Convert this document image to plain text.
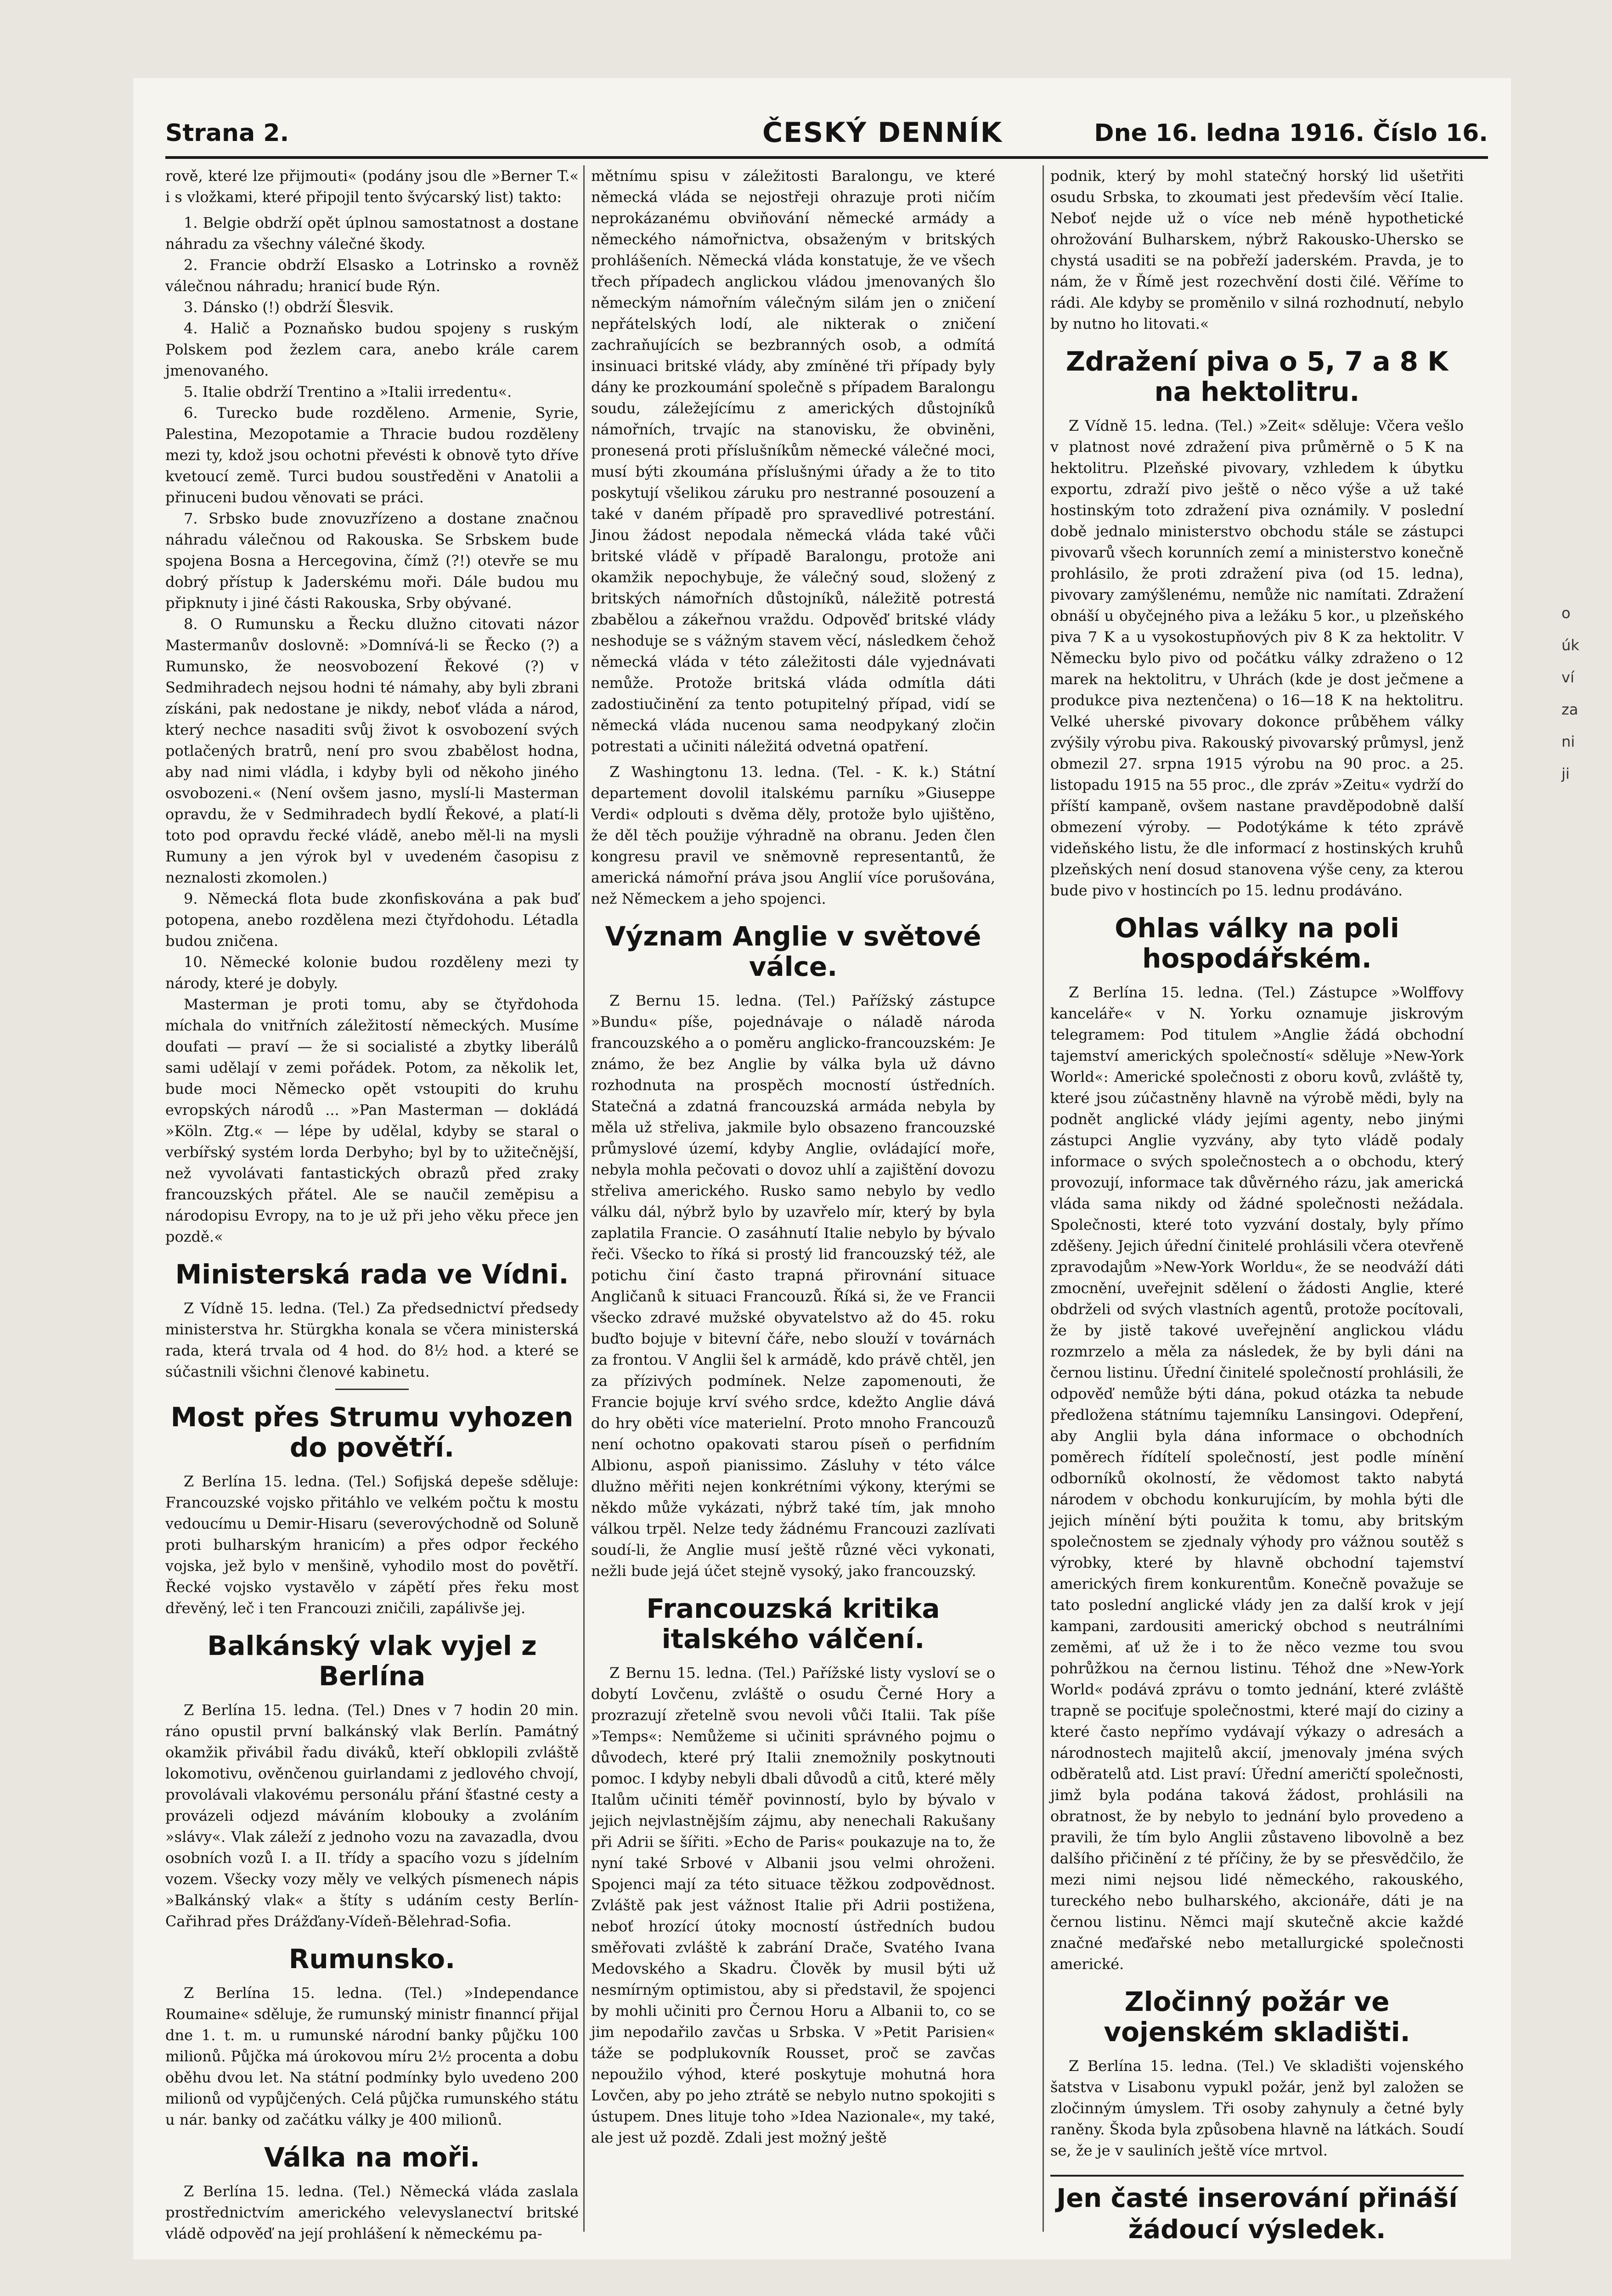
Strana 2.	ČESKÝ DENNÍK	Dne 16. ledna 1916. Číslo 16.

rově, které lze přijmouti« (podány jsou dle »Berner T.« i s vložkami, které připojil tento švýcarský list) takto:

1. Belgie obdrží opět úplnou samostatnost a dostane náhradu za všechny válečné škody.

2. Francie obdrží Elsasko a Lotrinsko a rovněž válečnou náhradu; hranicí bude Rýn.

3. Dánsko (!) obdrží Šlesvik.

4. Halič a Poznaňsko budou spojeny s ruským Polskem pod žezlem cara, anebo krále carem jmenovaného.

5. Italie obdrží Trentino a »Italii irredentu«.

6. Turecko bude rozděleno. Armenie, Syrie, Palestina, Mezopotamie a Thracie budou rozděleny mezi ty, kdož jsou ochotni převésti k obnově tyto dříve kvetoucí země. Turci budou soustředěni v Anatolii a přinuceni budou věnovati se práci.

7. Srbsko bude znovuzřízeno a dostane značnou náhradu válečnou od Rakouska. Se Srbskem bude spojena Bosna a Hercegovina, čímž (?!) otevře se mu dobrý přístup k Jaderskému moři. Dále budou mu připknuty i jiné části Rakouska, Srby obývané.

8. O Rumunsku a Řecku dlužno citovati názor Mastermanův doslovně: »Domnívá-li se Řecko (?) a Rumunsko, že neosvobození Řekové (?) v Sedmihradech nejsou hodni té námahy, aby byli zbrani získáni, pak nedostane je nikdy, neboť vláda a národ, který nechce nasaditi svůj život k osvobození svých potlačených bratrů, není pro svou zbabělost hodna, aby nad nimi vládla, i kdyby byli od někoho jiného osvobozeni.« (Není ovšem jasno, myslí-li Masterman opravdu, že v Sedmihradech bydlí Řekové, a platí-li toto pod opravdu řecké vládě, anebo měl-li na mysli Rumuny a jen výrok byl v uvedeném časopisu z neznalosti zkomolen.)

9. Německá flota bude zkonfiskována a pak buď potopena, anebo rozdělena mezi čtyřdohodu. Létadla budou zničena.

10. Německé kolonie budou rozděleny mezi ty národy, které je dobyly.

Masterman je proti tomu, aby se čtyřdohoda míchala do vnitřních záležitostí německých. Musíme doufati — praví — že si socialisté a zbytky liberálů sami udělají v zemi pořádek. Potom, za několik let, bude moci Německo opět vstoupiti do kruhu evropských národů ... »Pan Masterman — dokládá »Köln. Ztg.« — lépe by udělal, kdyby se staral o verbířský systém lorda Derbyho; byl by to užitečnější, než vyvolávati fantastických obrazů před zraky francouzských přátel. Ale se naučil zeměpisu a národopisu Evropy, na to je už při jeho věku přece jen pozdě.«

Ministerská rada ve Vídni.

Z Vídně 15. ledna. (Tel.) Za předsednictví předsedy ministerstva hr. Stürgkha konala se včera ministerská rada, která trvala od 4 hod. do 8½ hod. a které se súčastnili všichni členové kabinetu.

Most přes Strumu vyhozen do povětří.

Z Berlína 15. ledna. (Tel.) Sofijská depeše sděluje: Francouzské vojsko přitáhlo ve velkém počtu k mostu vedoucímu u Demir-Hisaru (severovýchodně od Soluně proti bulharským hranicím) a přes odpor řeckého vojska, jež bylo v menšině, vyhodilo most do povětří. Řecké vojsko vystavělo v zápětí přes řeku most dřevěný, leč i ten Francouzi zničili, zapálivše jej.

Balkánský vlak vyjel z Berlína

Z Berlína 15. ledna. (Tel.) Dnes v 7 hodin 20 min. ráno opustil první balkánský vlak Berlín. Památný okamžik přivábil řadu diváků, kteří obklopili zvláště lokomotivu, ověnčenou guirlandami z jedlového chvojí, provolávali vlakovému personálu přání šťastné cesty a provázeli odjezd máváním klobouky a zvoláním »slávy«. Vlak záleží z jednoho vozu na zavazadla, dvou osobních vozů I. a II. třídy a spacího vozu s jídelním vozem. Všecky vozy měly ve velkých písmenech nápis »Balkánský vlak« a štíty s udáním cesty Berlín-Cařihrad přes Drážďany-Vídeň-Bělehrad-Sofia.

Rumunsko.

Z Berlína 15. ledna. (Tel.) »Independance Roumaine« sděluje, že rumunský ministr finanncí přijal dne 1. t. m. u rumunské národní banky půjčku 100 milionů. Půjčka má úrokovou míru 2½ procenta a dobu oběhu dvou let. Na státní podmínky bylo uvedeno 200 milionů od vypůjčených. Celá půjčka rumunského státu u nár. banky od začátku války je 400 milionů.

Válka na moři.

Z Berlína 15. ledna. (Tel.) Německá vláda zaslala prostřednictvím amerického velevyslanectví britské vládě odpověď na její prohlášení k německému pa-

mětnímu spisu v záležitosti Baralongu, ve které německá vláda se nejostřeji ohrazuje proti ničím neprokázanému obviňování německé armády a německého námořnictva, obsaženým v britských prohlášeních. Německá vláda konstatuje, že ve všech třech případech anglickou vládou jmenovaných šlo německým námořním válečným silám jen o zničení nepřátelských lodí, ale nikterak o zničení zachraňujících se bezbranných osob, a odmítá insinuaci britské vlády, aby zmíněné tři případy byly dány ke prozkoumání společně s případem Baralongu soudu, záležejícímu z amerických důstojníků námořních, trvajíc na stanovisku, že obviněni, pronesená proti příslušníkům německé válečné moci, musí býti zkoumána příslušnými úřady a že to tito poskytují všelikou záruku pro nestranné posouzení a také v daném případě pro spravedlivé potrestání. Jinou žádost nepodala německá vláda také vůči britské vládě v případě Baralongu, protože ani okamžik nepochybuje, že válečný soud, složený z britských námořních důstojníků, náležitě potrestá zbabělou a zákeřnou vraždu. Odpověď britské vlády neshoduje se s vážným stavem věcí, následkem čehož německá vláda v této záležitosti dále vyjednávati nemůže. Protože britská vláda odmítla dáti zadostiučinění za tento potupitelný případ, vidí se německá vláda nucenou sama neodpykaný zločin potrestati a učiniti náležitá odvetná opatření.

Z Washingtonu 13. ledna. (Tel. - K. k.) Státní departement dovolil italskému parníku »Giuseppe Verdi« odplouti s dvěma děly, protože bylo ujištěno, že děl těch použije výhradně na obranu. Jeden člen kongresu pravil ve sněmovně representantů, že americká námořní práva jsou Anglií více porušována, než Německem a jeho spojenci.

Význam Anglie v světové válce.

Z Bernu 15. ledna. (Tel.) Pařížský zástupce »Bundu« píše, pojednávaje o náladě národa francouzského a o poměru anglicko-francouzském: Je známo, že bez Anglie by válka byla už dávno rozhodnuta na prospěch mocností ústředních. Statečná a zdatná francouzská armáda nebyla by měla už střeliva, jakmile bylo obsazeno francouzské průmyslové území, kdyby Anglie, ovládající moře, nebyla mohla pečovati o dovoz uhlí a zajištění dovozu střeliva amerického. Rusko samo nebylo by vedlo válku dál, nýbrž bylo by uzavřelo mír, který by byla zaplatila Francie. O zasáhnutí Italie nebylo by bývalo řeči. Všecko to říká si prostý lid francouzský též, ale potichu činí často trapná přirovnání situace Angličanů k situaci Francouzů. Říká si, že ve Francii všecko zdravé mužské obyvatelstvo až do 45. roku buďto bojuje v bitevní čáře, nebo slouží v továrnách za frontou. V Anglii šel k armádě, kdo právě chtěl, jen za přízivých podmínek. Nelze zapomenouti, že Francie bojuje krví svého srdce, kdežto Anglie dává do hry oběti více materielní. Proto mnoho Francouzů není ochotno opakovati starou píseň o perfidním Albionu, aspoň pianissimo. Zásluhy v této válce dlužno měřiti nejen konkrétními výkony, kterými se někdo může vykázati, nýbrž také tím, jak mnoho válkou trpěl. Nelze tedy žádnému Francouzi zazlívati soudí-li, že Anglie musí ještě různé věci vykonati, nežli bude jejá účet stejně vysoký, jako francouzský.

Francouzská kritika italského válčení.

Z Bernu 15. ledna. (Tel.) Pařížské listy vysloví se o dobytí Lovčenu, zvláště o osudu Černé Hory a prozrazují zřetelně svou nevoli vůči Italii. Tak píše »Temps«: Nemůžeme si učiniti správného pojmu o důvodech, které prý Italii znemožnily poskytnouti pomoc. I kdyby nebyli dbali důvodů a citů, které měly Italům učiniti téměř povinností, bylo by bývalo v jejich nejvlastnějším zájmu, aby nenechali Rakušany při Adrii se šířiti. »Echo de Paris« poukazuje na to, že nyní také Srbové v Albanii jsou velmi ohroženi. Spojenci mají za této situace těžkou zodpovědnost. Zvláště pak jest vážnost Italie při Adrii postižena, neboť hrozící útoky mocností ústředních budou směřovati zvláště k zabrání Drače, Svatého Ivana Medovského a Skadru. Člověk by musil býti už nesmírným optimistou, aby si představil, že spojenci by mohli učiniti pro Černou Horu a Albanii to, co se jim nepodařilo zavčas u Srbska. V »Petit Parisien« táže se podplukovník Rousset, proč se zavčas nepoužilo výhod, které poskytuje mohutná hora Lovčen, aby po jeho ztrátě se nebylo nutno spokojiti s ústupem. Dnes lituje toho »Idea Nazionale«, my také, ale jest už pozdě. Zdali jest možný ještě

podnik, který by mohl statečný horský lid ušetřiti osudu Srbska, to zkoumati jest především věcí Italie. Neboť nejde už o více neb méně hypothetické ohrožování Bulharskem, nýbrž Rakousko-Uhersko se chystá usaditi se na pobřeží jaderském. Pravda, je to nám, že v Římě jest rozechvění dosti čilé. Věříme to rádi. Ale kdyby se proměnilo v silná rozhodnutí, nebylo by nutno ho litovati.«

Zdražení piva o 5, 7 a 8 K na hektolitru.

Z Vídně 15. ledna. (Tel.) »Zeit« sděluje: Včera vešlo v platnost nové zdražení piva průměrně o 5 K na hektolitru. Plzeňské pivovary, vzhledem k úbytku exportu, zdraží pivo ještě o něco výše a už také hostinským toto zdražení piva oznámily. V poslední době jednalo ministerstvo obchodu stále se zástupci pivovarů všech korunních zemí a ministerstvo konečně prohlásilo, že proti zdražení piva (od 15. ledna), pivovary zamýšlenému, nemůže nic namítati. Zdražení obnáší u obyčejného piva a ležáku 5 kor., u plzeňského piva 7 K a u vysokostupňových piv 8 K za hektolitr. V Německu bylo pivo od počátku války zdraženo o 12 marek na hektolitru, v Uhrách (kde je dost ječmene a produkce piva neztenčena) o 16—18 K na hektolitru. Velké uherské pivovary dokonce průběhem války zvýšily výrobu piva. Rakouský pivovarský průmysl, jenž obmezil 27. srpna 1915 výrobu na 90 proc. a 25. listopadu 1915 na 55 proc., dle zpráv »Zeitu« vydrží do příští kampaně, ovšem nastane pravděpodobně další obmezení výroby. — Podotýkáme k této zprávě videňského listu, že dle informací z hostinských kruhů plzeňských není dosud stanovena výše ceny, za kterou bude pivo v hostincích po 15. lednu prodáváno.

Ohlas války na poli hospodářském.

Z Berlína 15. ledna. (Tel.) Zástupce »Wolffovy kanceláře« v N. Yorku oznamuje jiskrovým telegramem: Pod titulem »Anglie žádá obchodní tajemství amerických společností« sděluje »New-York World«: Americké společnosti z oboru kovů, zvláště ty, které jsou zúčastněny hlavně na výrobě mědi, byly na podnět anglické vlády jejími agenty, nebo jinými zástupci Anglie vyzvány, aby tyto vládě podaly informace o svých společnostech a o obchodu, který provozují, informace tak důvěrného rázu, jak americká vláda sama nikdy od žádné společnosti nežádala. Společnosti, které toto vyzvání dostaly, byly přímo zděšeny. Jejich úřední činitelé prohlásili včera otevřeně zpravodajům »New-York Worldu«, že se neodváží dáti zmocnění, uveřejnit sdělení o žádosti Anglie, které obdrželi od svých vlastních agentů, protože pocítovali, že by jistě takové uveřejnění anglickou vládu rozmrzelo a měla za následek, že by byli dáni na černou listinu. Úřední činitelé společností prohlásili, že odpověď nemůže býti dána, pokud otázka ta nebude předložena státnímu tajemníku Lansingovi. Odepření, aby Anglii byla dána informace o obchodních poměrech řídítelí společností, jest podle mínění odborníků okolností, že vědomost takto nabytá národem v obchodu konkurujícím, by mohla býti dle jejich mínění býti použita k tomu, aby britským společnostem se zjednaly výhody pro vážnou soutěž s výrobky, které by hlavně obchodní tajemství amerických firem konkurentům. Konečně považuje se tato poslední anglické vlády jen za další krok v její kampani, zardousiti americký obchod s neutrálními zeměmi, ať už že i to že něco vezme tou svou pohrůžkou na černou listinu. Téhož dne »New-York World« podává zprávu o tomto jednání, které zvláště trapně se pociťuje společnostmi, které mají do ciziny a které často nepřímo vydávají výkazy o adresách a národnostech majitelů akcií, jmenovaly jména svých odběratelů atd. List praví: Úřední američtí společnosti, jimž byla podána taková žádost, prohlásili na obratnost, že by nebylo to jednání bylo provedeno a pravili, že tím bylo Anglii zůstaveno libovolně a bez dalšího přičinění z té příčiny, že by se přesvědčilo, že mezi nimi nejsou lidé německého, rakouského, tureckého nebo bulharského, akcionáře, dáti je na černou listinu. Němci mají skutečně akcie každé značné meďařské nebo metallurgické společnosti americké.

Zločinný požár ve vojenském skladišti.

Z Berlína 15. ledna. (Tel.) Ve skladišti vojenského šatstva v Lisabonu vypukl požár, jenž byl založen se zločinným úmyslem. Tři osoby zahynuly a četné byly raněny. Škoda byla způsobena hlavně na látkách. Soudí se, že je v sauliních ještě více mrtvol.

Jen časté inserování přináší žádoucí výsledek.
o
úk
ví
za
ni
ji
